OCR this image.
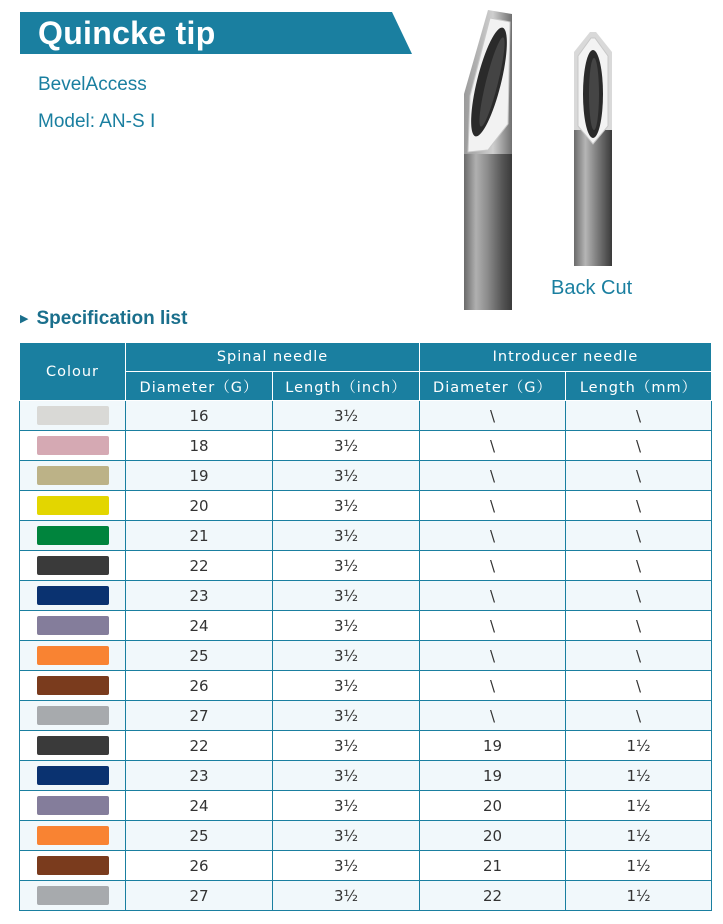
Quincke tip
BevelAccess
Model: AN-S Ⅰ
Back Cut
▶ Specification list
Colour	Spinal needle		Introducer needle	
	Diameter（G）	Length（inch）	Diameter（G）	Length（mm）
	16	3½	\	\
	18	3½	\	\
	19	3½	\	\
	20	3½	\	\
	21	3½	\	\
	22	3½	\	\
	23	3½	\	\
	24	3½	\	\
	25	3½	\	\
	26	3½	\	\
	27	3½	\	\
	22	3½	19	1½
	23	3½	19	1½
	24	3½	20	1½
	25	3½	20	1½
	26	3½	21	1½
	27	3½	22	1½
